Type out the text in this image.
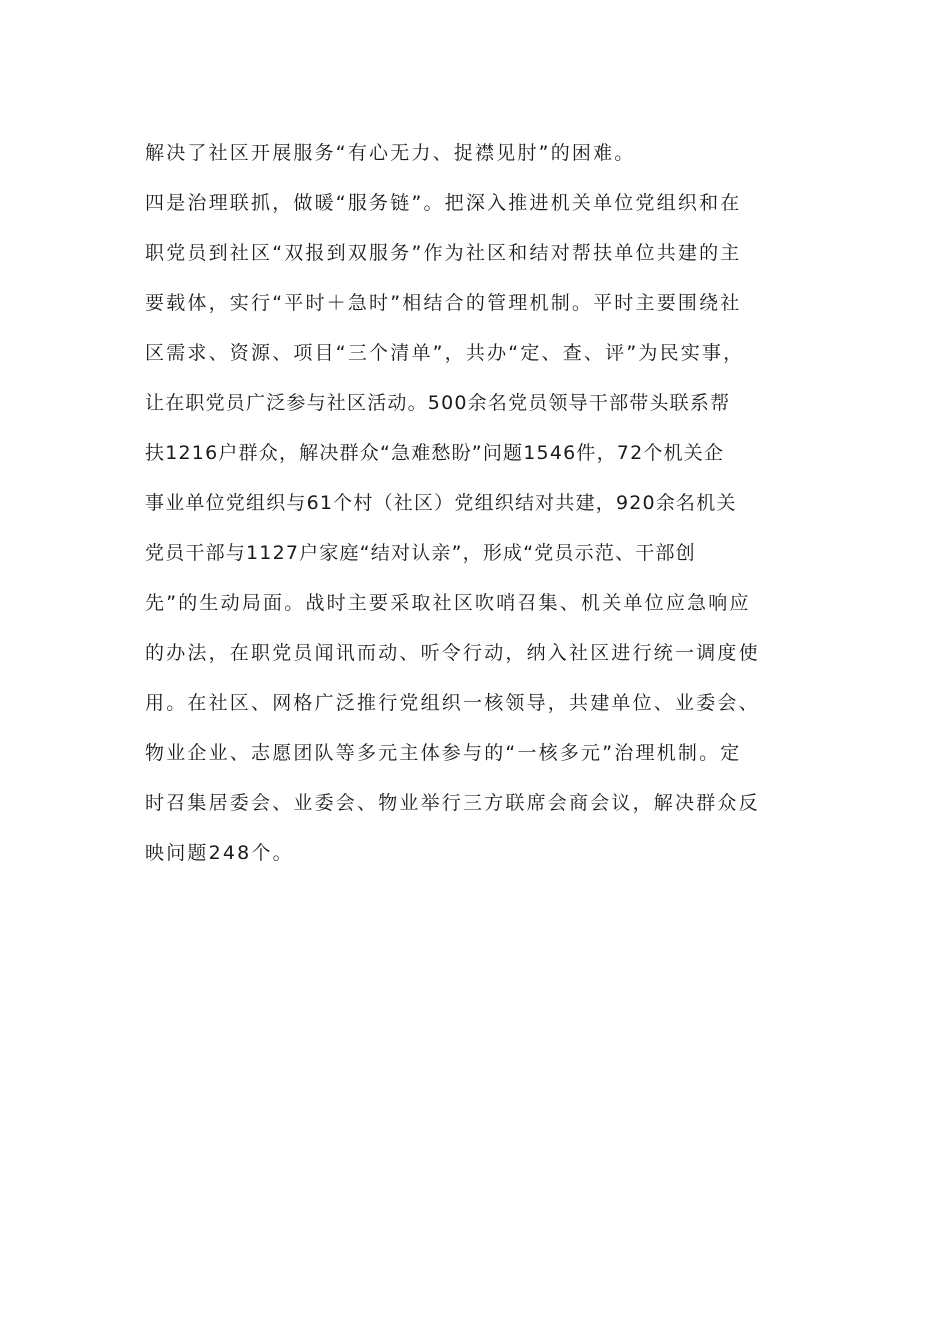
解决了社区开展服务“有心无力、捉襟见肘”的困难。
四是治理联抓，做暖“服务链”。把深入推进机关单位党组织和在
职党员到社区“双报到双服务”作为社区和结对帮扶单位共建的主
要载体，实行“平时＋急时”相结合的管理机制。平时主要围绕社
区需求、资源、项目“三个清单”，共办“定、查、评”为民实事，
让在职党员广泛参与社区活动。500余名党员领导干部带头联系帮
扶1216户群众，解决群众“急难愁盼”问题1546件，72个机关企
事业单位党组织与61个村（社区）党组织结对共建，920余名机关
党员干部与1127户家庭“结对认亲”，形成“党员示范、干部创
先”的生动局面。战时主要采取社区吹哨召集、机关单位应急响应
的办法，在职党员闻讯而动、听令行动，纳入社区进行统一调度使
用。在社区、网格广泛推行党组织一核领导，共建单位、业委会、
物业企业、志愿团队等多元主体参与的“一核多元”治理机制。定
时召集居委会、业委会、物业举行三方联席会商会议，解决群众反
映问题248个。
